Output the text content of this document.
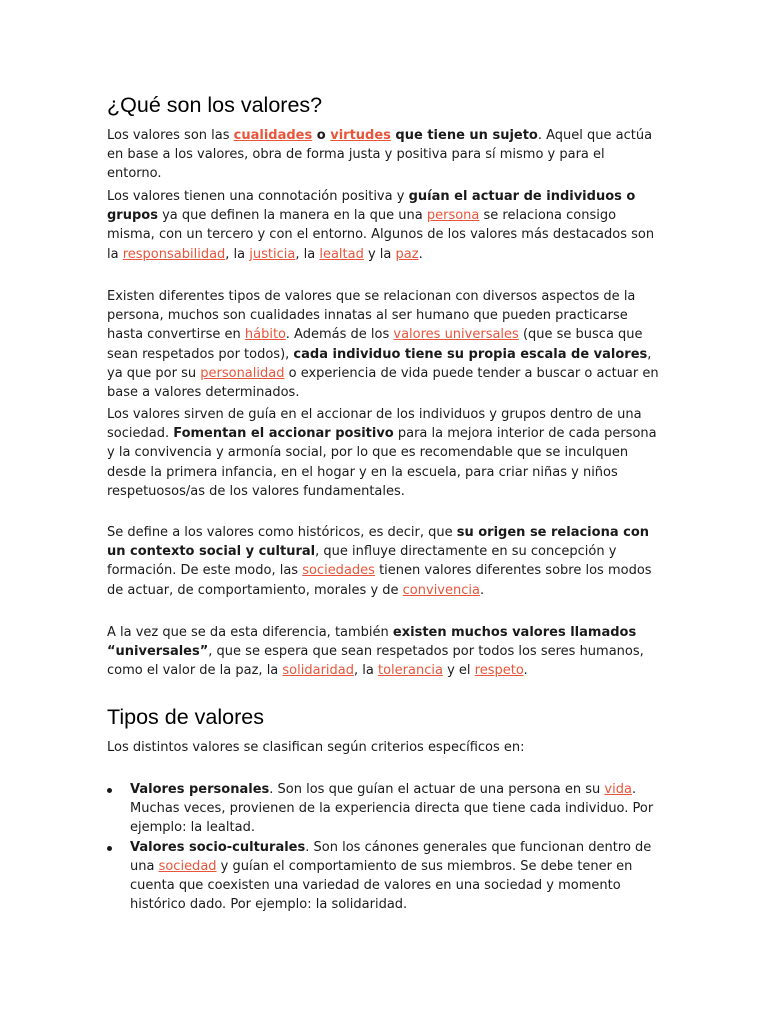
¿Qué son los valores?

Los valores son las cualidades o virtudes que tiene un sujeto. Aquel que actúa en base a los valores, obra de forma justa y positiva para sí mismo y para el entorno.

Los valores tienen una connotación positiva y guían el actuar de individuos o grupos ya que definen la manera en la que una persona se relaciona consigo misma, con un tercero y con el entorno. Algunos de los valores más destacados son la responsabilidad, la justicia, la lealtad y la paz.

Existen diferentes tipos de valores que se relacionan con diversos aspectos de la persona, muchos son cualidades innatas al ser humano que pueden practicarse hasta convertirse en hábito. Además de los valores universales (que se busca que sean respetados por todos), cada individuo tiene su propia escala de valores, ya que por su personalidad o experiencia de vida puede tender a buscar o actuar en base a valores determinados.

Los valores sirven de guía en el accionar de los individuos y grupos dentro de una sociedad. Fomentan el accionar positivo para la mejora interior de cada persona y la convivencia y armonía social, por lo que es recomendable que se inculquen desde la primera infancia, en el hogar y en la escuela, para criar niñas y niños respetuosos/as de los valores fundamentales.

Se define a los valores como históricos, es decir, que su origen se relaciona con un contexto social y cultural, que influye directamente en su concepción y formación. De este modo, las sociedades tienen valores diferentes sobre los modos de actuar, de comportamiento, morales y de convivencia.

A la vez que se da esta diferencia, también existen muchos valores llamados “universales”, que se espera que sean respetados por todos los seres humanos, como el valor de la paz, la solidaridad, la tolerancia y el respeto.

Tipos de valores

Los distintos valores se clasifican según criterios específicos en:

Valores personales. Son los que guían el actuar de una persona en su vida. Muchas veces, provienen de la experiencia directa que tiene cada individuo. Por ejemplo: la lealtad.
Valores socio-culturales. Son los cánones generales que funcionan dentro de una sociedad y guían el comportamiento de sus miembros. Se debe tener en cuenta que coexisten una variedad de valores en una sociedad y momento histórico dado. Por ejemplo: la solidaridad.
